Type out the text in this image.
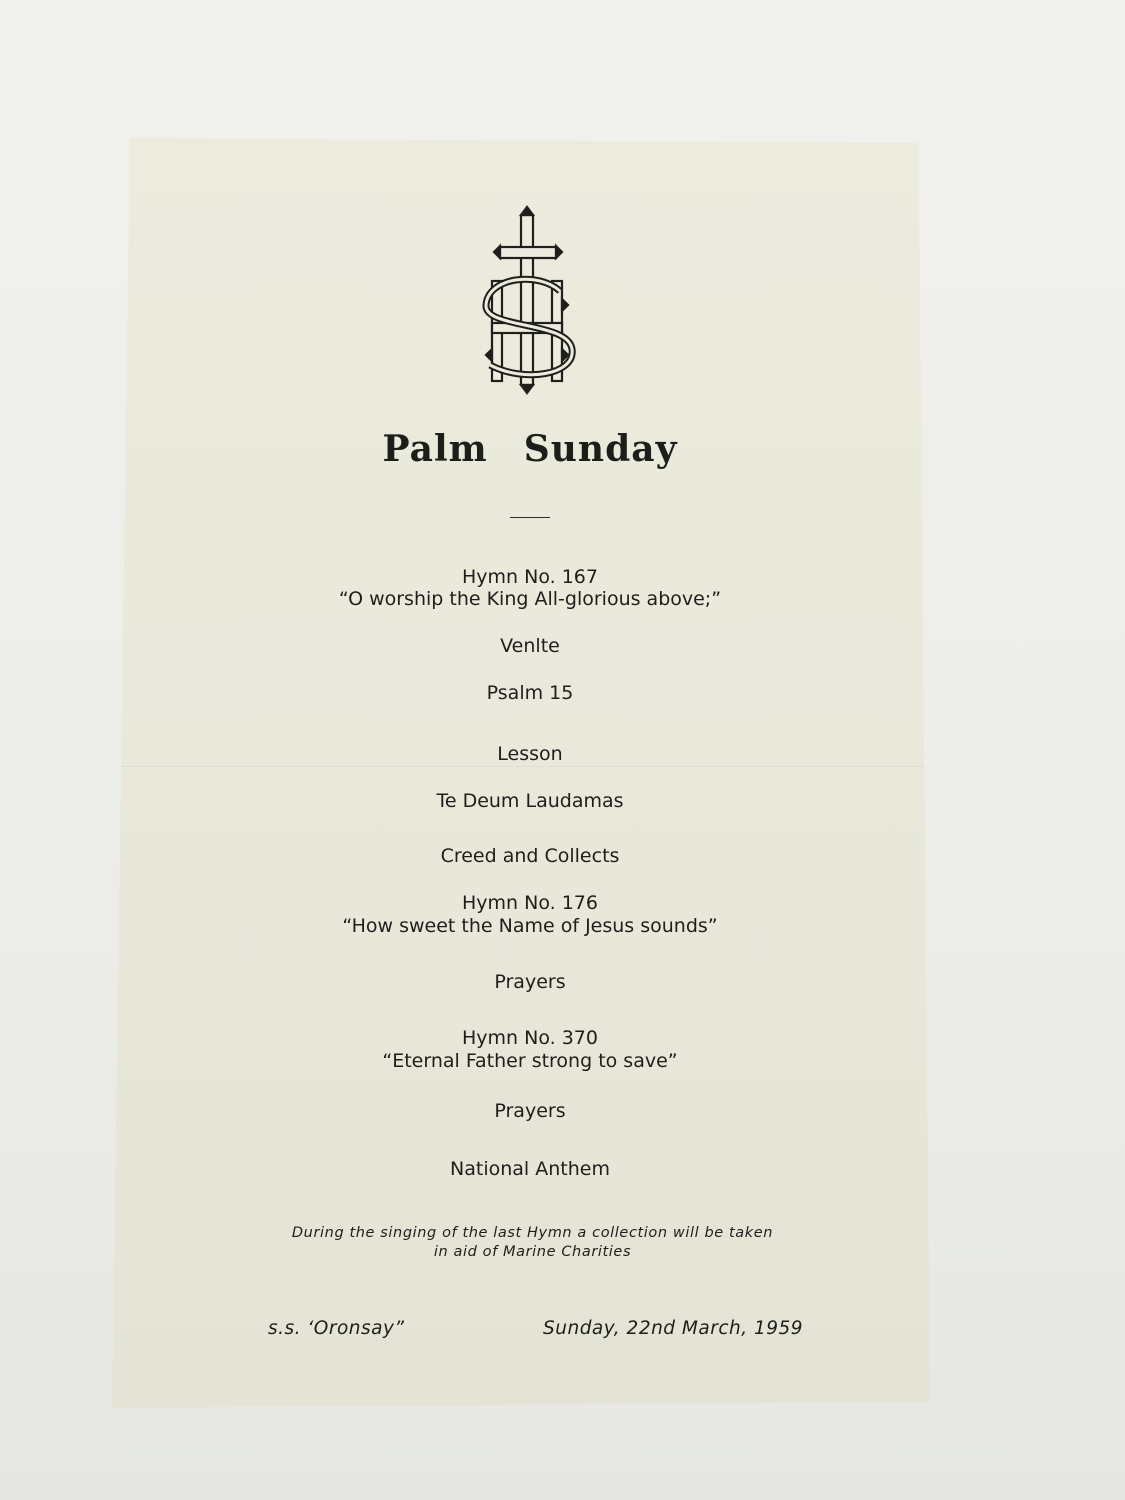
Palm Sunday
Hymn No. 167
“O worship the King All-glorious above;”
Venlte
Psalm 15
Lesson
Te Deum Laudamas
Creed and Collects
Hymn No. 176
“How sweet the Name of Jesus sounds”
Prayers
Hymn No. 370
“Eternal Father strong to save”
Prayers
National Anthem
During the singing of the last Hymn a collection will be taken
in aid of Marine Charities
s.s. ‘Oronsay”	Sunday, 22nd March, 1959
